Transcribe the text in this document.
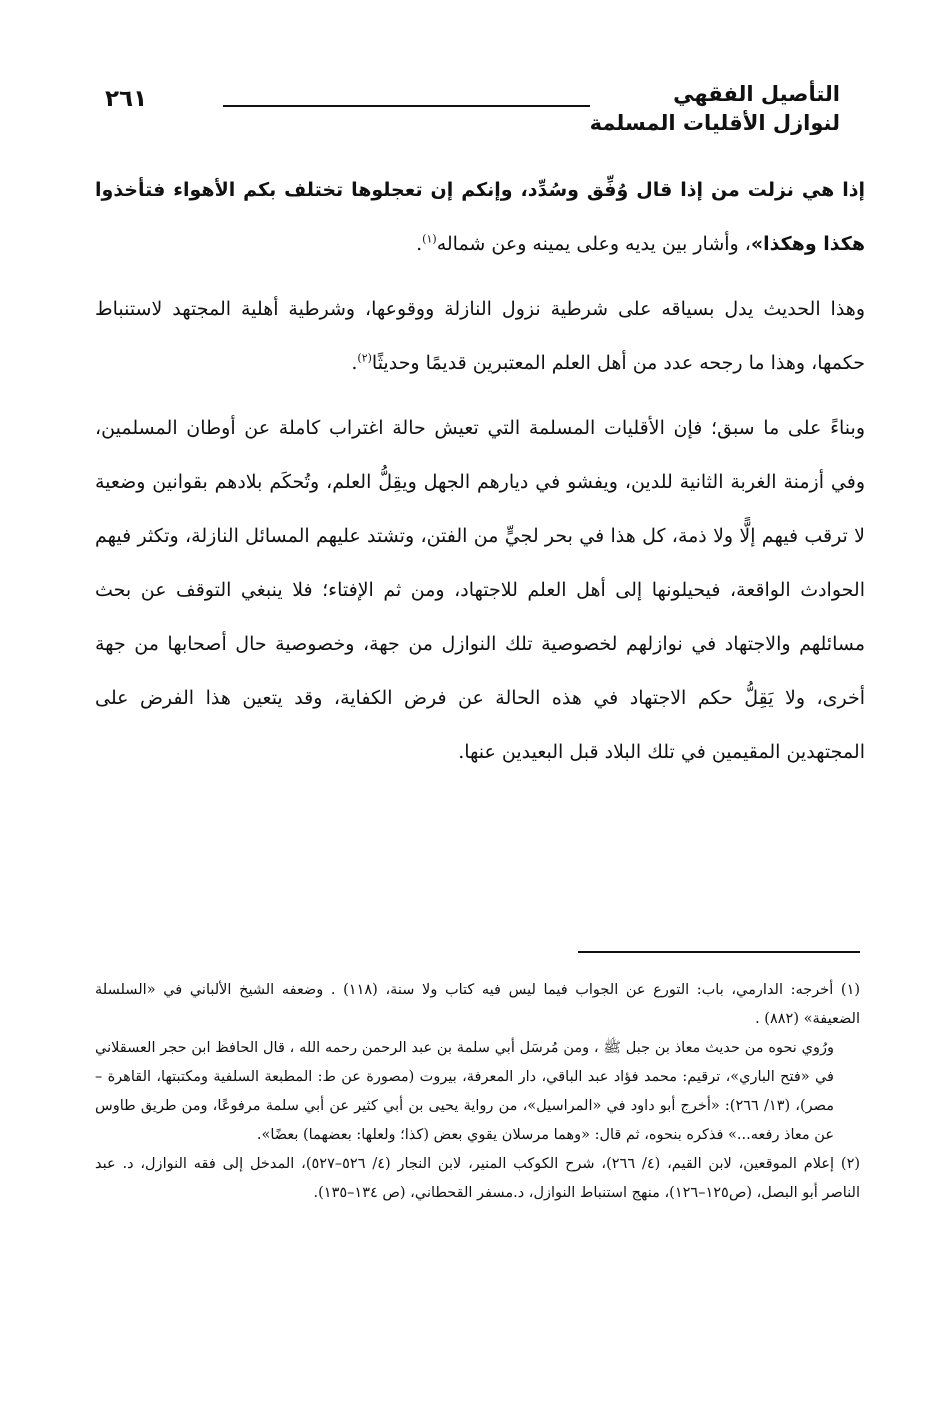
التأصيل الفقهي
لنوازل الأقليات المسلمة
٢٦١

إذا هي نزلت من إذا قال وُفِّق وسُدِّد، وإنكم إن تعجلوها تختلف بكم الأهواء فتأخذوا هكذا وهكذا»، وأشار بين يديه وعلى يمينه وعن شماله$^{(١)}$.

وهذا الحديث يدل بسياقه على شرطية نزول النازلة ووقوعها، وشرطية أهلية المجتهد لاستنباط حكمها، وهذا ما رجحه عدد من أهل العلم المعتبرين قديمًا وحديثًا$^{(٢)}$.

وبناءً على ما سبق؛ فإن الأقليات المسلمة التي تعيش حالة اغتراب كاملة عن أوطان المسلمين، وفي أزمنة الغربة الثانية للدين، ويفشو في ديارهم الجهل ويقِلُّ العلم، وتُحكَم بلادهم بقوانين وضعية لا ترقب فيهم إلًّا ولا ذمة، كل هذا في بحر لجيٍّ من الفتن، وتشتد عليهم المسائل النازلة، وتكثر فيهم الحوادث الواقعة، فيحيلونها إلى أهل العلم للاجتهاد، ومن ثم الإفتاء؛ فلا ينبغي التوقف عن بحث مسائلهم والاجتهاد في نوازلهم لخصوصية تلك النوازل من جهة، وخصوصية حال أصحابها من جهة أخرى، ولا يَقِلُّ حكم الاجتهاد في هذه الحالة عن فرض الكفاية، وقد يتعين هذا الفرض على المجتهدين المقيمين في تلك البلاد قبل البعيدين عنها.

(١) أخرجه: الدارمي، باب: التورع عن الجواب فيما ليس فيه كتاب ولا سنة، (١١٨) . وضعفه الشيخ الألباني في «السلسلة الضعيفة» (٨٨٢) .

ورُوي نحوه من حديث معاذ بن جبل ﷺ ، ومن مُرسَل أبي سلمة بن عبد الرحمن رحمه الله ، قال الحافظ ابن حجر العسقلاني في «فتح الباري»، ترقيم: محمد فؤاد عبد الباقي، دار المعرفة، بيروت (مصورة عن ط: المطبعة السلفية ومكتبتها، القاهرة – مصر)، (١٣/ ٢٦٦): «أخرج أبو داود في «المراسيل»، من رواية يحيى بن أبي كثير عن أبي سلمة مرفوعًا، ومن طريق طاوس عن معاذ رفعه...» فذكره بنحوه، ثم قال: «وهما مرسلان يقوي بعض (كذا؛ ولعلها: بعضهما) بعضًا».

(٢) إعلام الموقعين، لابن القيم، (٤/ ٢٦٦)، شرح الكوكب المنير، لابن النجار (٤/ ٥٢٦–٥٢٧)، المدخل إلى فقه النوازل، د. عبد الناصر أبو البصل، (ص١٢٥–١٢٦)، منهج استنباط النوازل، د.مسفر القحطاني، (ص ١٣٤–١٣٥).
